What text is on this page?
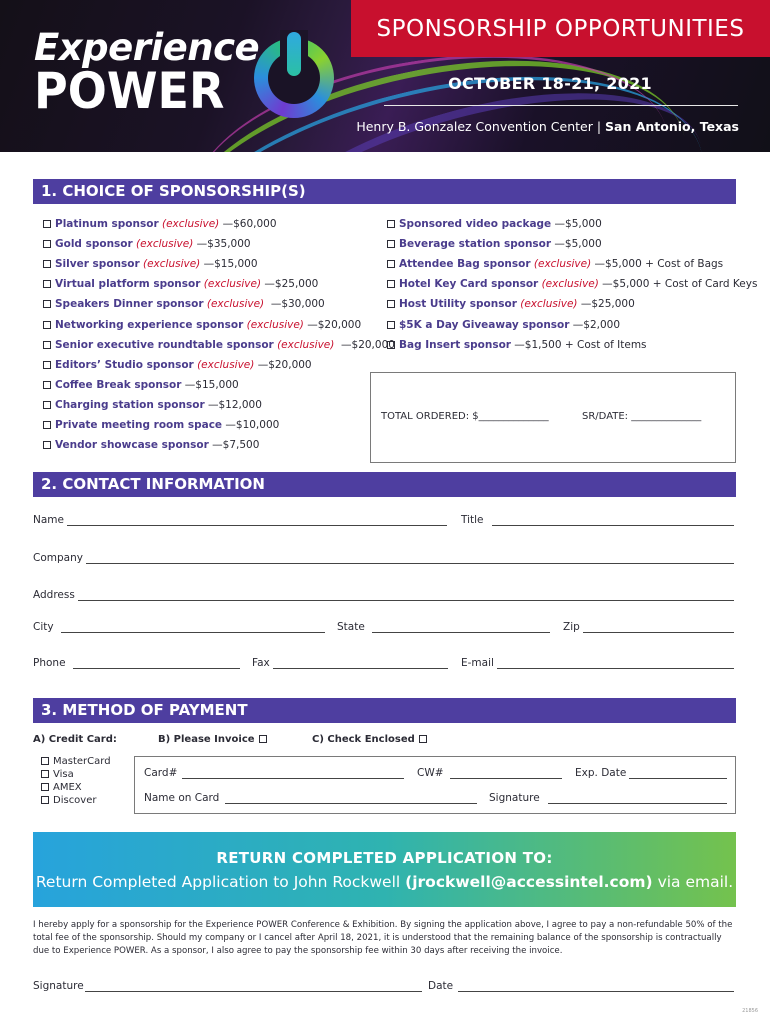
Experience
POWER
SPONSORSHIP OPPORTUNITIES
OCTOBER 18-21, 2021
Henry B. Gonzalez Convention Center | San Antonio, Texas
1. CHOICE OF SPONSORSHIP(S)
Platinum sponsor (exclusive) —$60,000
Gold sponsor (exclusive) —$35,000
Silver sponsor (exclusive) —$15,000
Virtual platform sponsor (exclusive) —$25,000
Speakers Dinner sponsor (exclusive)  —$30,000
Networking experience sponsor (exclusive) —$20,000
Senior executive roundtable sponsor (exclusive)  —$20,000
Editors’ Studio sponsor (exclusive) —$20,000
Coffee Break sponsor —$15,000
Charging station sponsor —$12,000
Private meeting room space —$10,000
Vendor showcase sponsor —$7,500
Sponsored video package —$5,000
Beverage station sponsor —$5,000
Attendee Bag sponsor (exclusive) —$5,000 + Cost of Bags
Hotel Key Card sponsor (exclusive) —$5,000 + Cost of Card Keys
Host Utility sponsor (exclusive) —$25,000
$5K a Day Giveaway sponsor —$2,000
Bag Insert sponsor —$1,500 + Cost of Items
TOTAL ORDERED: $______________	SR/DATE: ______________
2. CONTACT INFORMATION
Name	Title
Company
Address
City	State	Zip
Phone	Fax	E-mail
3. METHOD OF PAYMENT
A) Credit Card:	B) Please Invoice	C) Check Enclosed
MasterCard
Visa
AMEX
Discover
Card#	CW#	Exp. Date
Name on Card	Signature
RETURN COMPLETED APPLICATION TO:
Return Completed Application to John Rockwell (jrockwell@accessintel.com) via email.
I hereby apply for a sponsorship for the Experience POWER Conference & Exhibition. By signing the application above, I agree to pay a non-refundable 50% of the total fee of the sponsorship. Should my company or I cancel after April 18, 2021, it is understood that the remaining balance of the sponsorship is contractually due to Experience POWER. As a sponsor, I also agree to pay the sponsorship fee within 30 days after receiving the invoice.
Signature	Date
21856
